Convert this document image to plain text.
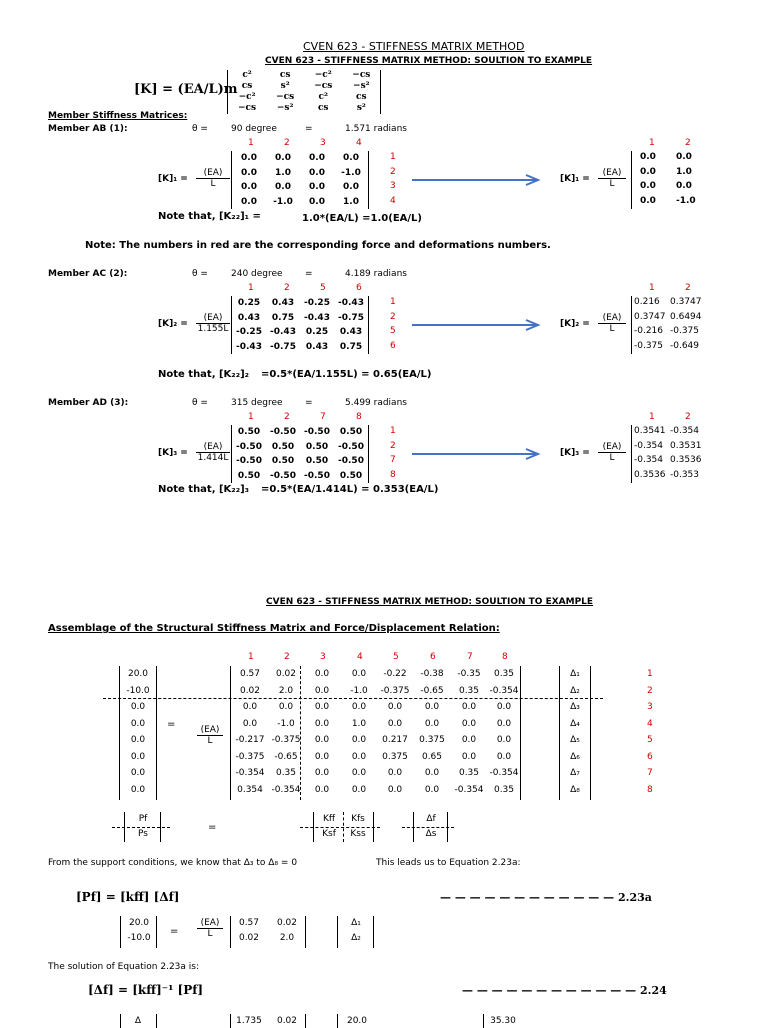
CVEN 623 - STIFFNESS MATRIX METHOD
CVEN 623 - STIFFNESS MATRIX METHOD: SOULTION TO EXAMPLE
[K] = (EA/L)m
c²	cs	−c²	−cs
cs	s²	−cs	−s²
−c²	−cs	c²	cs
−cs	−s²	cs	s²
Member Stiffness Matrices:
Member AB (1):	θ =	90 degree	=	1.571 radians
1	2	3	4
$[K]_1 = \frac{(EA)}{L}$
0.0	0.0	0.0	0.0
0.0	1.0	0.0	-1.0
0.0	0.0	0.0	0.0
0.0	-1.0	0.0	1.0
1
2
3
4
$[K]_1 = \frac{(EA)}{L}$
1	2
0.0 0.0
0.0 1.0
0.0 0.0
0.0 -1.0
Note that, [K₂₂]₁ =	1.0*(EA/L) =1.0(EA/L)
Member AC (2):	θ =	240 degree =	4.189 radians
1	2	5	6
$[K]_2 = \frac{(EA)}{1.155L}$
0.25	0.43	-0.25	-0.43
0.43	0.75	-0.43	-0.75
-0.25	-0.43	0.25	0.43
-0.43	-0.75	0.43	0.75
1
2
5
6
$[K]_2 = \frac{(EA)}{L}$
1	2
0.216 0.3747
0.3747 0.6494
-0.216 -0.375
-0.375 -0.649
Note that, [K₂₂]₂ =0.5*(EA/1.155L) = 0.65(EA/L)
Member AD (3):	θ =	315 degree =	5.499 radians
1	2	7	8
$[K]_3 = \frac{(EA)}{1.414L}$
0.50	-0.50	-0.50	0.50
-0.50	0.50	0.50	-0.50
-0.50	0.50	0.50	-0.50
0.50	-0.50	-0.50	0.50
1
2
7
8
$[K]_3 = \frac{(EA)}{L}$
1	2
0.3541 -0.354
-0.354 0.3531
-0.354 0.3536
0.3536 -0.353
Note that, [K₂₂]₃ =0.5*(EA/1.414L) = 0.353(EA/L)
Note: The numbers in red are the corresponding force and deformations numbers.
CVEN 623 - STIFFNESS MATRIX METHOD: SOULTION TO EXAMPLE
Assemblage of the Structural Stiffness Matrix and Force/Displacement Relation:
1	2	3	4	5	6	7	8
20.0
-10.0
0.0
0.0
0.0
0.0
0.0
0.0
=
$\frac{(EA)}{L}$
0.57	0.02	0.0	0.0	-0.22	-0.38	-0.35	0.35
0.02	2.0	0.0	-1.0	-0.375	-0.65	0.35	-0.354
0.0	0.0	0.0	0.0	0.0	0.0	0.0	0.0
0.0	-1.0	0.0	1.0	0.0	0.0	0.0	0.0
-0.217 -0.375	0.0	0.0	0.217	0.375	0.0	0.0
-0.375	-0.65	0.0	0.0	0.375	0.65	0.0	0.0
-0.354	0.35	0.0	0.0	0.0	0.0	0.35	-0.354
0.354 -0.354	0.0	0.0	0.0	0.0	-0.354	0.35
Δ₁
Δ₂
Δ₃
Δ₄
Δ₅
Δ₆
Δ₇
Δ₈
1
2
3
4
5
6
7
8
Pf
Ps
=
Kff	Kfs
Ksf	Kss
Δf
Δs
From the support conditions, we know that Δ₃ to Δ₈ = 0	This leads us to Equation 2.23a:
[Pf] = [kff] [Δf]	— — — — — — — — — — — — 2.23a
20.0
-10.0
= $\frac{(EA)}{L}$	0.57	0.02
0.02	2.0
Δ₁
Δ₂
The solution of Equation 2.23a is:
[Δf] = [kff]⁻¹ [Pf]	— — — — — — — — — — — — 2.24
Δ	1.735	0.02	20.0	35.30
